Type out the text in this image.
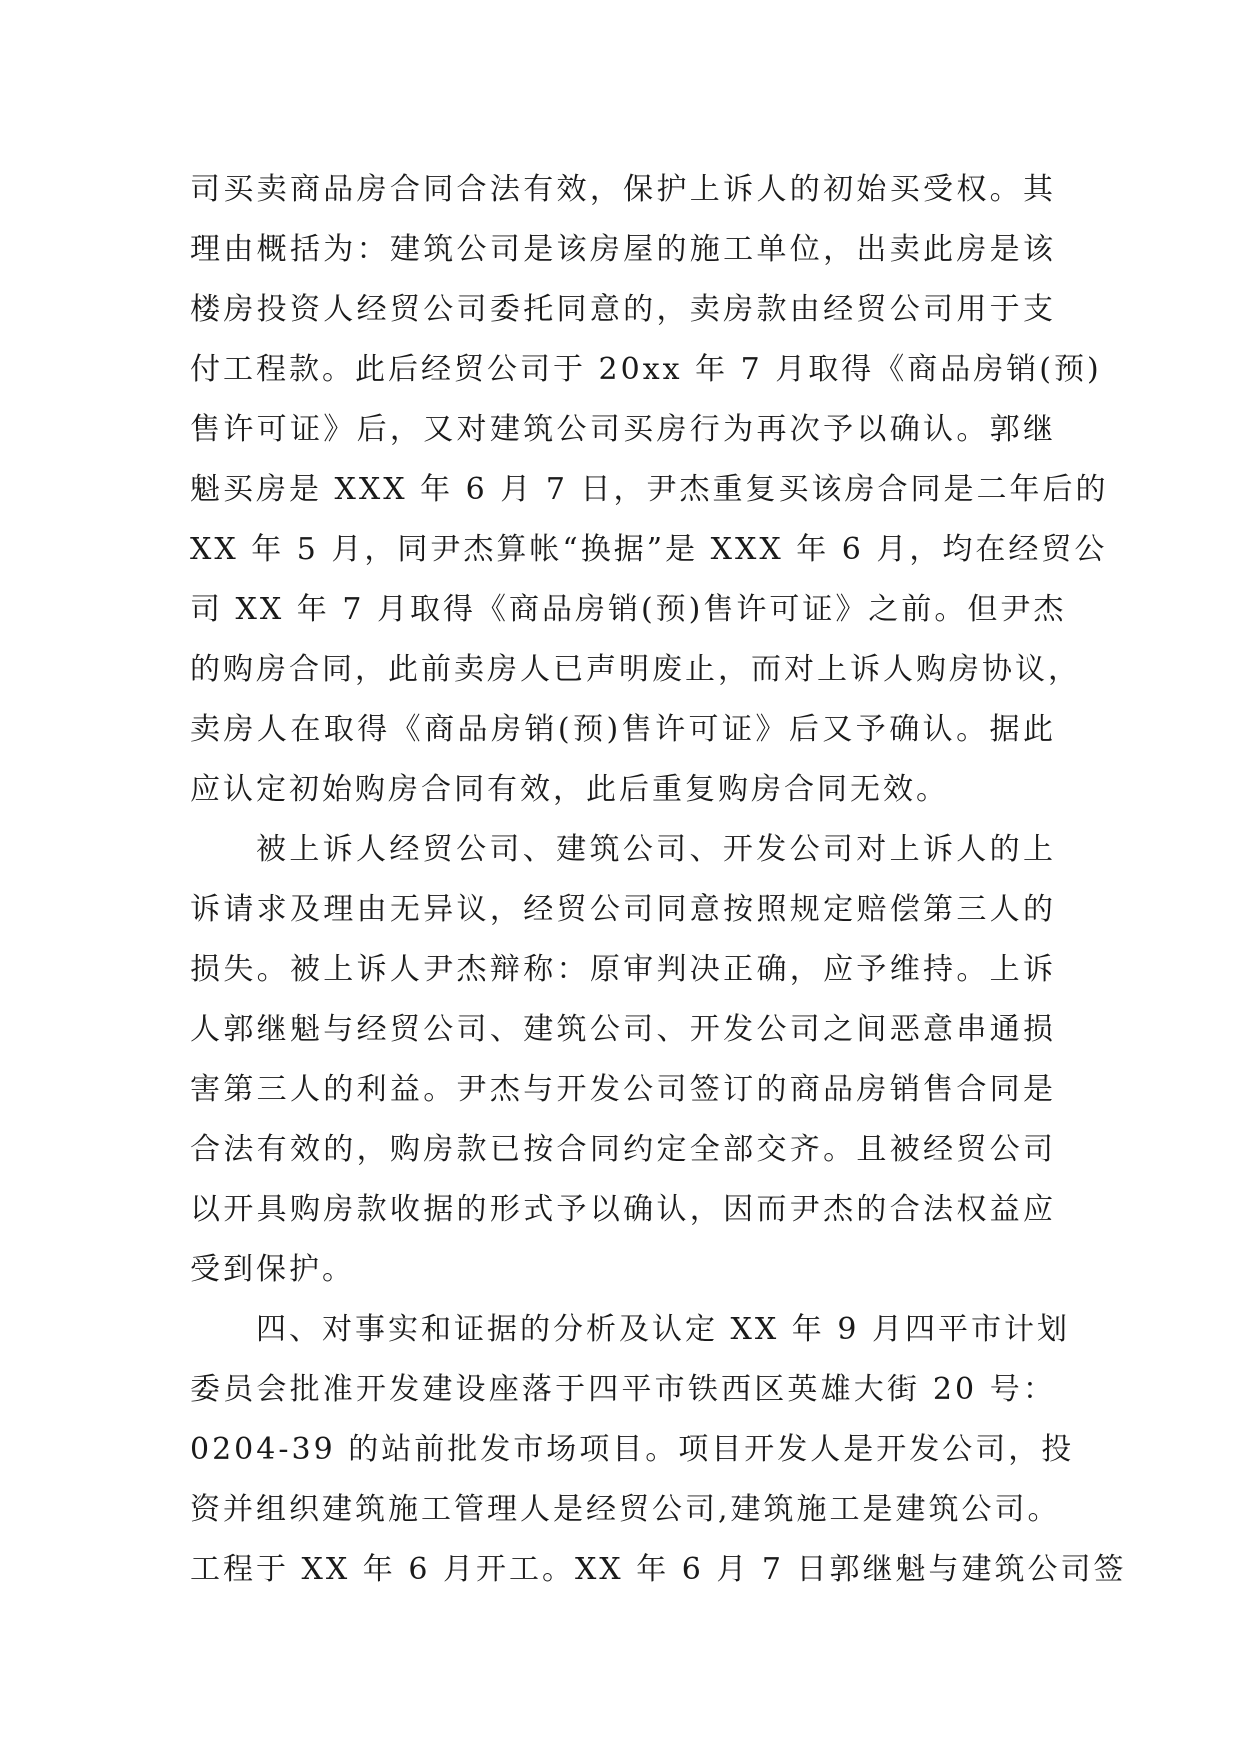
司买卖商品房合同合法有效，保护上诉人的初始买受权。其
理由概括为：建筑公司是该房屋的施工单位，出卖此房是该
楼房投资人经贸公司委托同意的，卖房款由经贸公司用于支
付工程款。此后经贸公司于 20xx 年 7 月取得《商品房销(预)
售许可证》后，又对建筑公司买房行为再次予以确认。郭继
魁买房是 XXX 年 6 月 7 日，尹杰重复买该房合同是二年后的
XX 年 5 月，同尹杰算帐“换据”是 XXX 年 6 月，均在经贸公
司 XX 年 7 月取得《商品房销(预)售许可证》之前。但尹杰
的购房合同，此前卖房人已声明废止，而对上诉人购房协议，
卖房人在取得《商品房销(预)售许可证》后又予确认。据此
应认定初始购房合同有效，此后重复购房合同无效。

被上诉人经贸公司、建筑公司、开发公司对上诉人的上
诉请求及理由无异议，经贸公司同意按照规定赔偿第三人的
损失。被上诉人尹杰辩称：原审判决正确，应予维持。上诉
人郭继魁与经贸公司、建筑公司、开发公司之间恶意串通损
害第三人的利益。尹杰与开发公司签订的商品房销售合同是
合法有效的，购房款已按合同约定全部交齐。且被经贸公司
以开具购房款收据的形式予以确认，因而尹杰的合法权益应
受到保护。

四、对事实和证据的分析及认定 XX 年 9 月四平市计划
委员会批准开发建设座落于四平市铁西区英雄大街 20 号：
0204-39 的站前批发市场项目。项目开发人是开发公司，投
资并组织建筑施工管理人是经贸公司,建筑施工是建筑公司。
工程于 XX 年 6 月开工。XX 年 6 月 7 日郭继魁与建筑公司签
